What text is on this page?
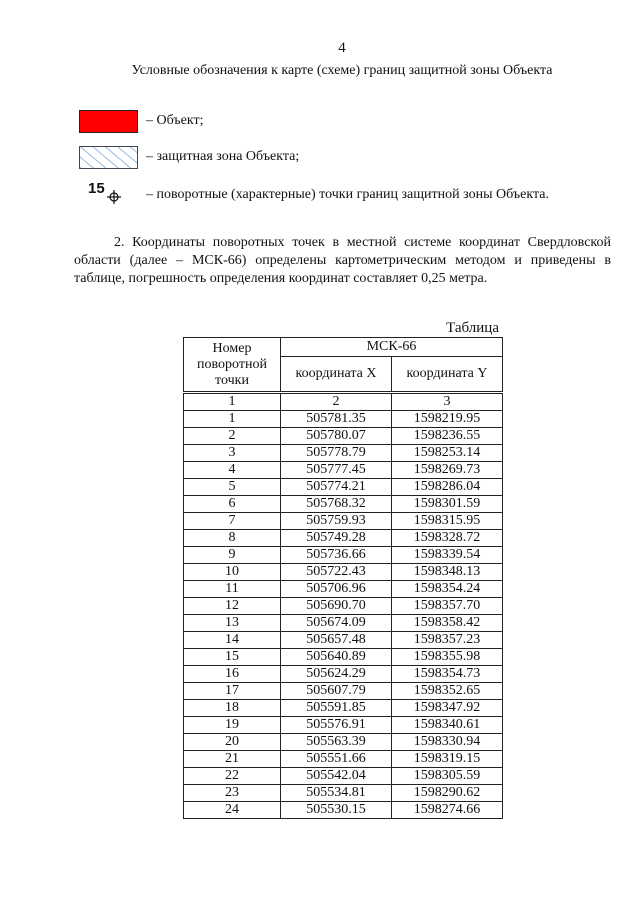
4
Условные обозначения к карте (схеме) границ защитной зоны Объекта
– Объект;
– защитная зона Объекта;
15	– поворотные (характерные) точки границ защитной зоны Объекта.
2. Координаты поворотных точек в местной системе координат Свердловской области (далее – МСК-66) определены картометрическим методом и приведены в таблице, погрешность определения координат составляет 0,25 метра.
Таблица
Номер поворотной точки	МСК-66	
	координата X	координата Y
1	2	3
1	505781.35	1598219.95
2	505780.07	1598236.55
3	505778.79	1598253.14
4	505777.45	1598269.73
5	505774.21	1598286.04
6	505768.32	1598301.59
7	505759.93	1598315.95
8	505749.28	1598328.72
9	505736.66	1598339.54
10	505722.43	1598348.13
11	505706.96	1598354.24
12	505690.70	1598357.70
13	505674.09	1598358.42
14	505657.48	1598357.23
15	505640.89	1598355.98
16	505624.29	1598354.73
17	505607.79	1598352.65
18	505591.85	1598347.92
19	505576.91	1598340.61
20	505563.39	1598330.94
21	505551.66	1598319.15
22	505542.04	1598305.59
23	505534.81	1598290.62
24	505530.15	1598274.66
